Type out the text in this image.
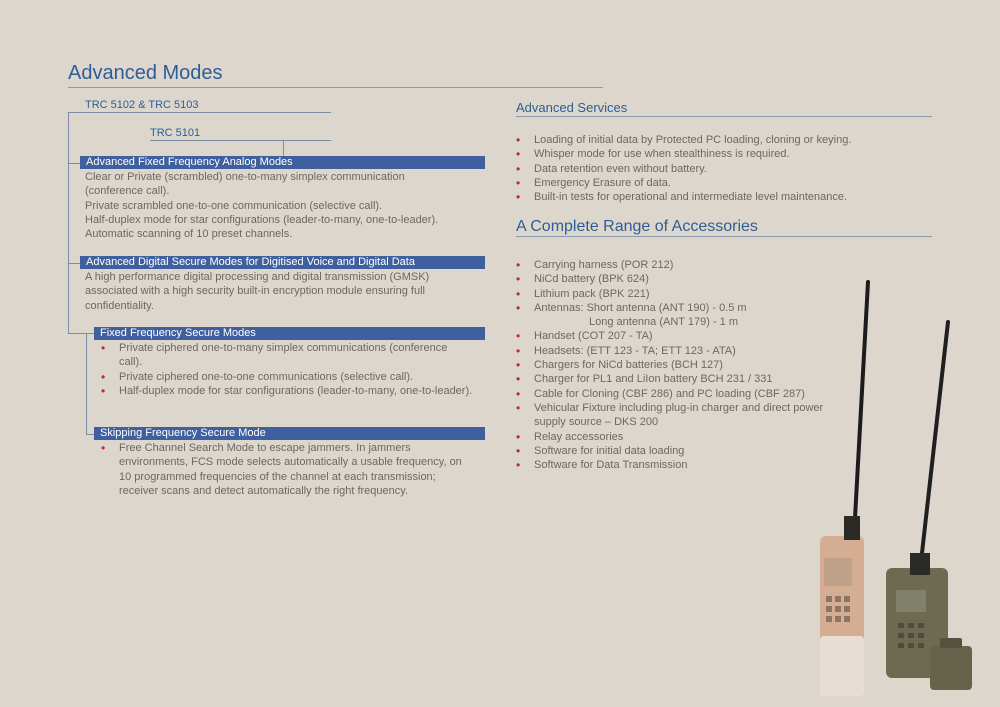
Advanced Modes
TRC 5102 & TRC 5103
TRC 5101
Advanced Fixed Frequency Analog Modes
Clear or Private (scrambled) one-to-many simplex communication
(conference call).
Private scrambled one-to-one communication (selective call).
Half-duplex mode for star configurations (leader-to-many, one-to-leader).
Automatic scanning of 10 preset channels.
Advanced Digital Secure Modes for Digitised Voice and Digital Data
A high performance digital processing and digital transmission (GMSK)
associated with a high security built-in encryption module ensuring full
confidentiality.
Fixed Frequency Secure Modes
• Private ciphered one-to-many simplex communications (conference call).
• Private ciphered one-to-one communications (selective call).
• Half-duplex mode for star configurations (leader-to-many, one-to-leader).
Skipping Frequency Secure Mode
• Free Channel Search Mode to escape jammers. In jammers environments, FCS mode selects automatically a usable frequency, on 10 programmed frequencies of the channel at each transmission; receiver scans and detect automatically the right frequency.
Advanced Services
• Loading of initial data by Protected PC loading, cloning or keying.
• Whisper mode for use when stealthiness is required.
• Data retention even without battery.
• Emergency Erasure of data.
• Built-in tests for operational and intermediate level maintenance.
A Complete Range of Accessories
• Carrying harness (POR 212)
• NiCd battery (BPK 624)
• Lithium pack (BPK 221)
• Antennas: Short antenna (ANT 190) - 0.5 m
Long antenna (ANT 179) - 1 m
• Handset (COT 207 - TA)
• Headsets: (ETT 123 - TA; ETT 123 - ATA)
• Chargers for NiCd batteries (BCH 127)
• Charger for PL1 and LiIon battery BCH 231 / 331
• Cable for Cloning (CBF 286) and PC loading (CBF 287)
• Vehicular Fixture including plug-in charger and direct power supply source – DKS 200
• Relay accessories
• Software for initial data loading
• Software for Data Transmission
